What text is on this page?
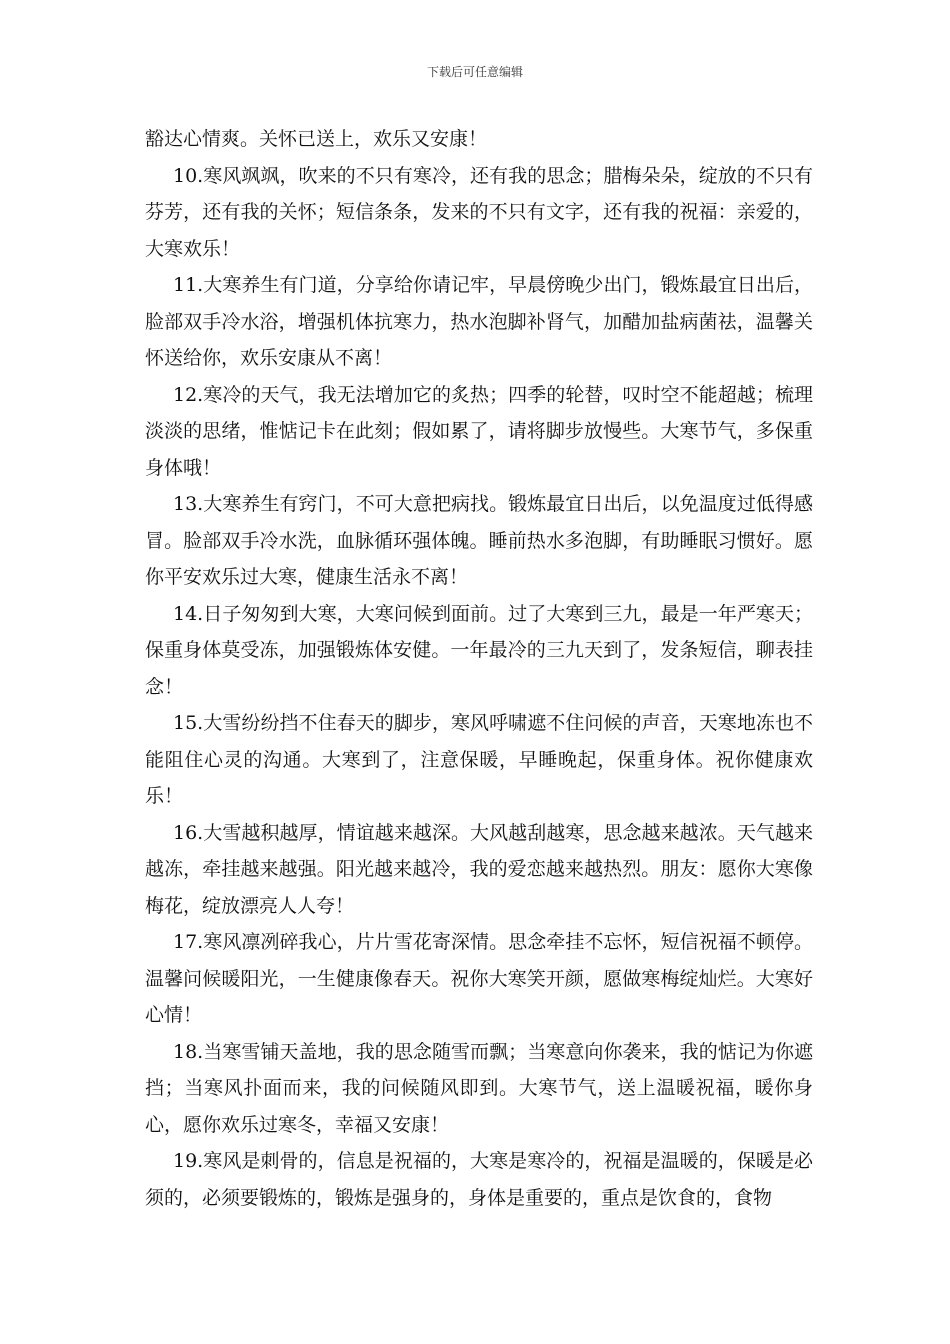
下载后可任意编辑

豁达心情爽。关怀已送上，欢乐又安康！

10.寒风飒飒，吹来的不只有寒冷，还有我的思念；腊梅朵朵，绽放的不只有芬芳，还有我的关怀；短信条条，发来的不只有文字，还有我的祝福：亲爱的，大寒欢乐！

11.大寒养生有门道，分享给你请记牢，早晨傍晚少出门，锻炼最宜日出后，脸部双手冷水浴，增强机体抗寒力，热水泡脚补肾气，加醋加盐病菌祛，温馨关怀送给你，欢乐安康从不离！

12.寒冷的天气，我无法增加它的炙热；四季的轮替，叹时空不能超越；梳理淡淡的思绪，惟惦记卡在此刻；假如累了，请将脚步放慢些。大寒节气，多保重身体哦！

13.大寒养生有窍门，不可大意把病找。锻炼最宜日出后，以免温度过低得感冒。脸部双手冷水洗，血脉循环强体魄。睡前热水多泡脚，有助睡眠习惯好。愿你平安欢乐过大寒，健康生活永不离！

14.日子匆匆到大寒，大寒问候到面前。过了大寒到三九，最是一年严寒天；保重身体莫受冻，加强锻炼体安健。一年最冷的三九天到了，发条短信，聊表挂念！

15.大雪纷纷挡不住春天的脚步，寒风呼啸遮不住问候的声音，天寒地冻也不能阻住心灵的沟通。大寒到了，注意保暖，早睡晚起，保重身体。祝你健康欢乐！

16.大雪越积越厚，情谊越来越深。大风越刮越寒，思念越来越浓。天气越来越冻，牵挂越来越强。阳光越来越冷，我的爱恋越来越热烈。朋友：愿你大寒像梅花，绽放漂亮人人夸！

17.寒风凛冽碎我心，片片雪花寄深情。思念牵挂不忘怀，短信祝福不顿停。温馨问候暖阳光，一生健康像春天。祝你大寒笑开颜，愿做寒梅绽灿烂。大寒好心情！

18.当寒雪铺天盖地，我的思念随雪而飘；当寒意向你袭来，我的惦记为你遮挡；当寒风扑面而来，我的问候随风即到。大寒节气，送上温暖祝福，暖你身心，愿你欢乐过寒冬，幸福又安康！

19.寒风是刺骨的，信息是祝福的，大寒是寒冷的，祝福是温暖的，保暖是必须的，必须要锻炼的，锻炼是强身的，身体是重要的，重点是饮食的，食物
